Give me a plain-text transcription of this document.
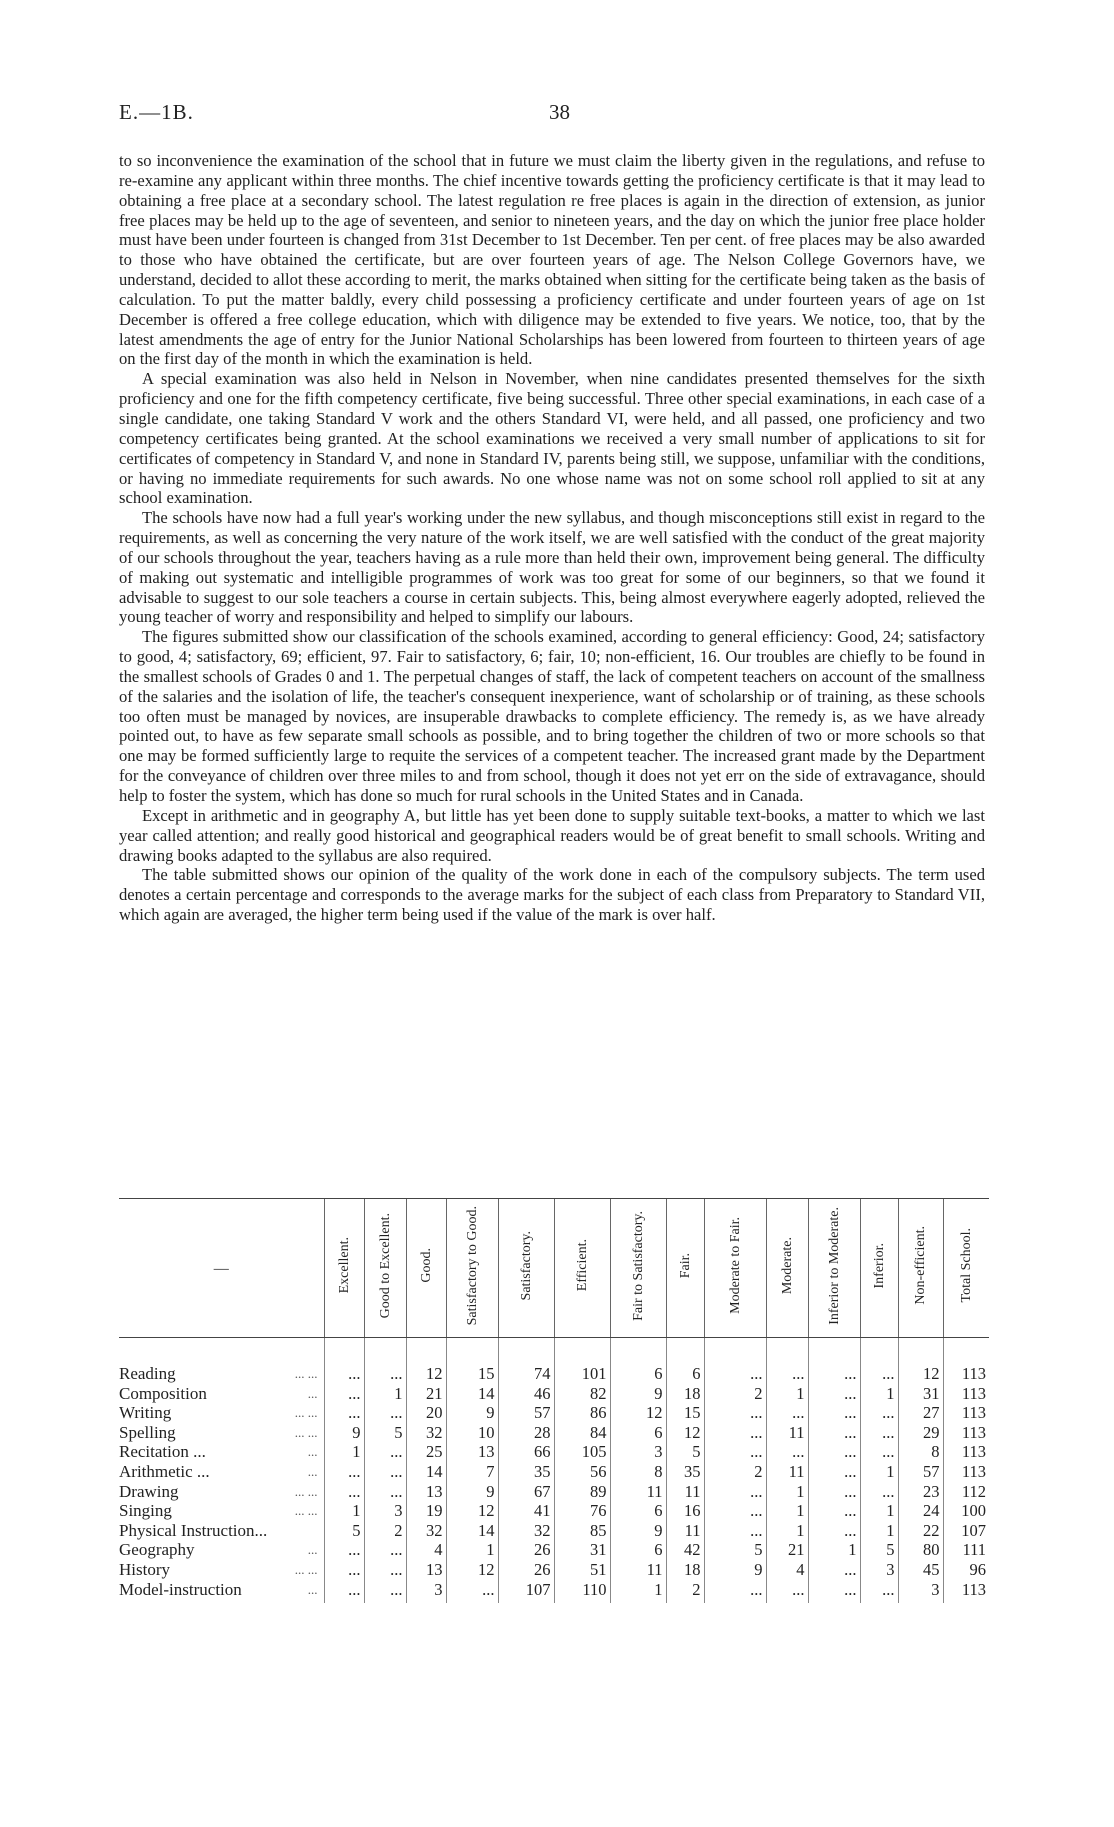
E.—1B.	38

to so inconvenience the examination of the school that in future we must claim the liberty given in the regulations, and refuse to re-examine any applicant within three months. The chief incentive towards getting the proficiency certificate is that it may lead to obtaining a free place at a secondary school. The latest regulation re free places is again in the direction of extension, as junior free places may be held up to the age of seventeen, and senior to nineteen years, and the day on which the junior free place holder must have been under fourteen is changed from 31st December to 1st December. Ten per cent. of free places may be also awarded to those who have obtained the certificate, but are over fourteen years of age. The Nelson College Governors have, we understand, decided to allot these according to merit, the marks obtained when sitting for the certificate being taken as the basis of calculation. To put the matter baldly, every child possessing a proficiency certificate and under fourteen years of age on 1st December is offered a free college education, which with diligence may be extended to five years. We notice, too, that by the latest amendments the age of entry for the Junior National Scholarships has been lowered from fourteen to thirteen years of age on the first day of the month in which the examination is held.

A special examination was also held in Nelson in November, when nine candidates presented themselves for the sixth proficiency and one for the fifth competency certificate, five being successful. Three other special examinations, in each case of a single candidate, one taking Standard V work and the others Standard VI, were held, and all passed, one proficiency and two competency certificates being granted. At the school examinations we received a very small number of applications to sit for certificates of competency in Standard V, and none in Standard IV, parents being still, we suppose, unfamiliar with the conditions, or having no immediate requirements for such awards. No one whose name was not on some school roll applied to sit at any school examination.

The schools have now had a full year's working under the new syllabus, and though misconceptions still exist in regard to the requirements, as well as concerning the very nature of the work itself, we are well satisfied with the conduct of the great majority of our schools throughout the year, teachers having as a rule more than held their own, improvement being general. The difficulty of making out systematic and intelligible programmes of work was too great for some of our beginners, so that we found it advisable to suggest to our sole teachers a course in certain subjects. This, being almost everywhere eagerly adopted, relieved the young teacher of worry and responsibility and helped to simplify our labours.

The figures submitted show our classification of the schools examined, according to general efficiency: Good, 24; satisfactory to good, 4; satisfactory, 69; efficient, 97. Fair to satisfactory, 6; fair, 10; non-efficient, 16. Our troubles are chiefly to be found in the smallest schools of Grades 0 and 1. The perpetual changes of staff, the lack of competent teachers on account of the smallness of the salaries and the isolation of life, the teacher's consequent inexperience, want of scholarship or of training, as these schools too often must be managed by novices, are insuperable drawbacks to complete efficiency. The remedy is, as we have already pointed out, to have as few separate small schools as possible, and to bring together the children of two or more schools so that one may be formed sufficiently large to requite the services of a competent teacher. The increased grant made by the Department for the conveyance of children over three miles to and from school, though it does not yet err on the side of extravagance, should help to foster the system, which has done so much for rural schools in the United States and in Canada.

Except in arithmetic and in geography A, but little has yet been done to supply suitable text-books, a matter to which we last year called attention; and really good historical and geographical readers would be of great benefit to small schools. Writing and drawing books adapted to the syllabus are also required.

The table submitted shows our opinion of the quality of the work done in each of the compulsory subjects. The term used denotes a certain percentage and corresponds to the average marks for the subject of each class from Preparatory to Standard VII, which again are averaged, the higher term being used if the value of the mark is over half.

—	Excellent.	Good to Excellent.	Good.	Satisfactory to Good.	Satisfactory.	Efficient.	Fair to Satisfactory.	Fair.	Moderate to Fair.	Moderate.	Inferior to Moderate.	Inferior.	Non-efficient.	Total School.

Reading ... ...	...	...	12	15	74	101	6	6	...	...	...	...	12	113

Composition ...	...	1	21	14	46	82	9	18	2	1	...	1	31	113

Writing ... ...	...	...	20	9	57	86	12	15	...	...	...	...	27	113

Spelling ... ...	9	5	32	10	28	84	6	12	...	11	...	...	29	113

Recitation ... ...	1	...	25	13	66	105	3	5	...	...	...	...	8	113

Arithmetic ... ...	...	...	14	7	35	56	8	35	2	11	...	1	57	113

Drawing ... ...	...	...	13	9	67	89	11	11	...	1	...	...	23	112

Singing ... ...	1	3	19	12	41	76	6	16	...	1	...	1	24	100

Physical Instruction...	5	2	32	14	32	85	9	11	...	1	...	1	22	107

Geography ...	...	...	4	1	26	31	6	42	5	21	1	5	80	111

History ... ...	...	...	13	12	26	51	11	18	9	4	...	3	45	96

Model-instruction ...	...	...	3	...	107	110	1	2	...	...	...	...	3	113
